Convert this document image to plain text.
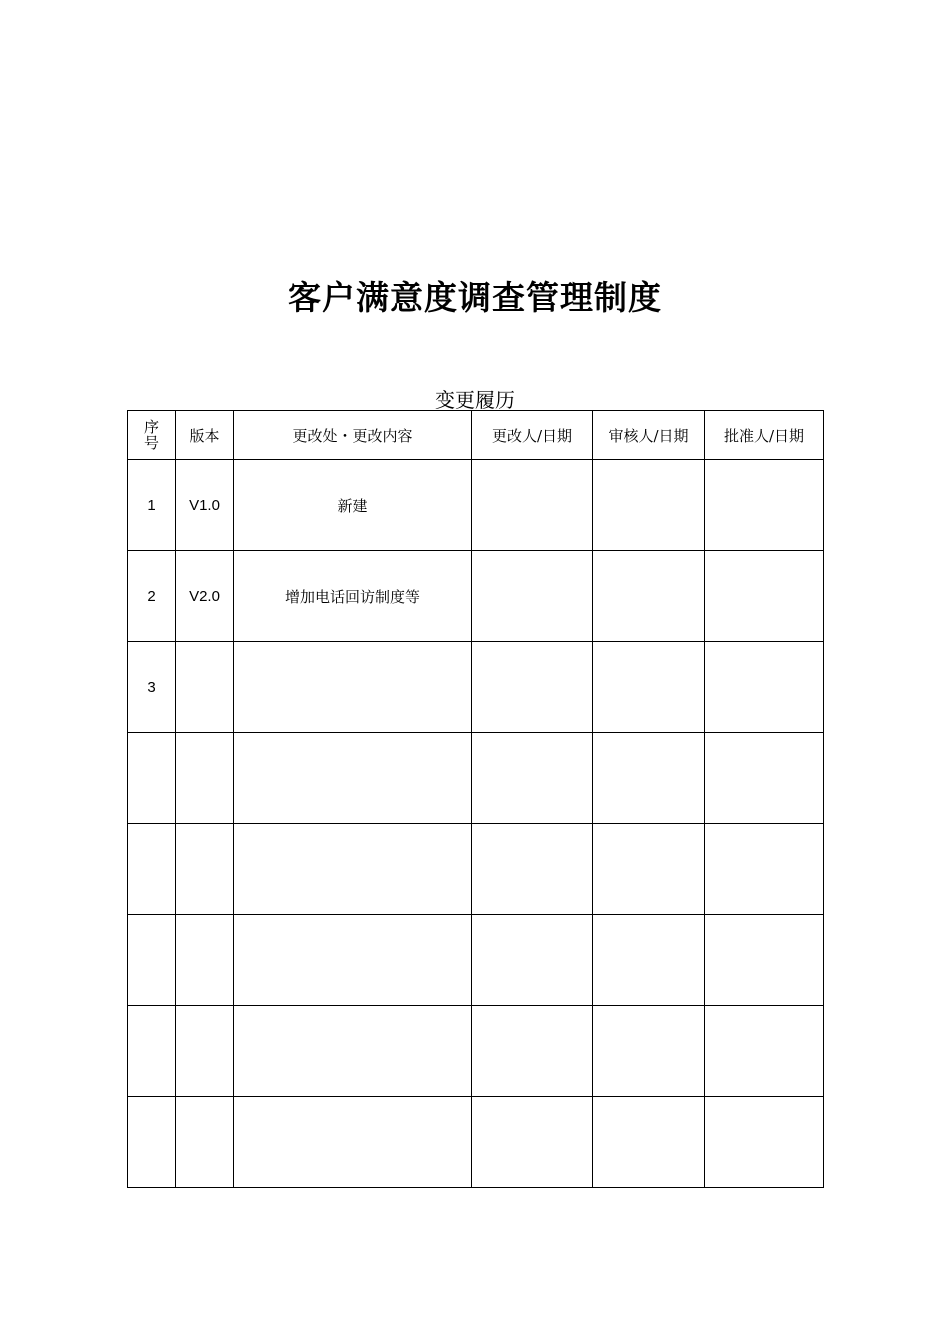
客户满意度调查管理制度
变更履历
序号	版本	更改处・更改内容	更改人/日期	审核人/日期	批准人/日期
1	V1.0	新建			
2	V2.0	增加电话回访制度等			
3					
